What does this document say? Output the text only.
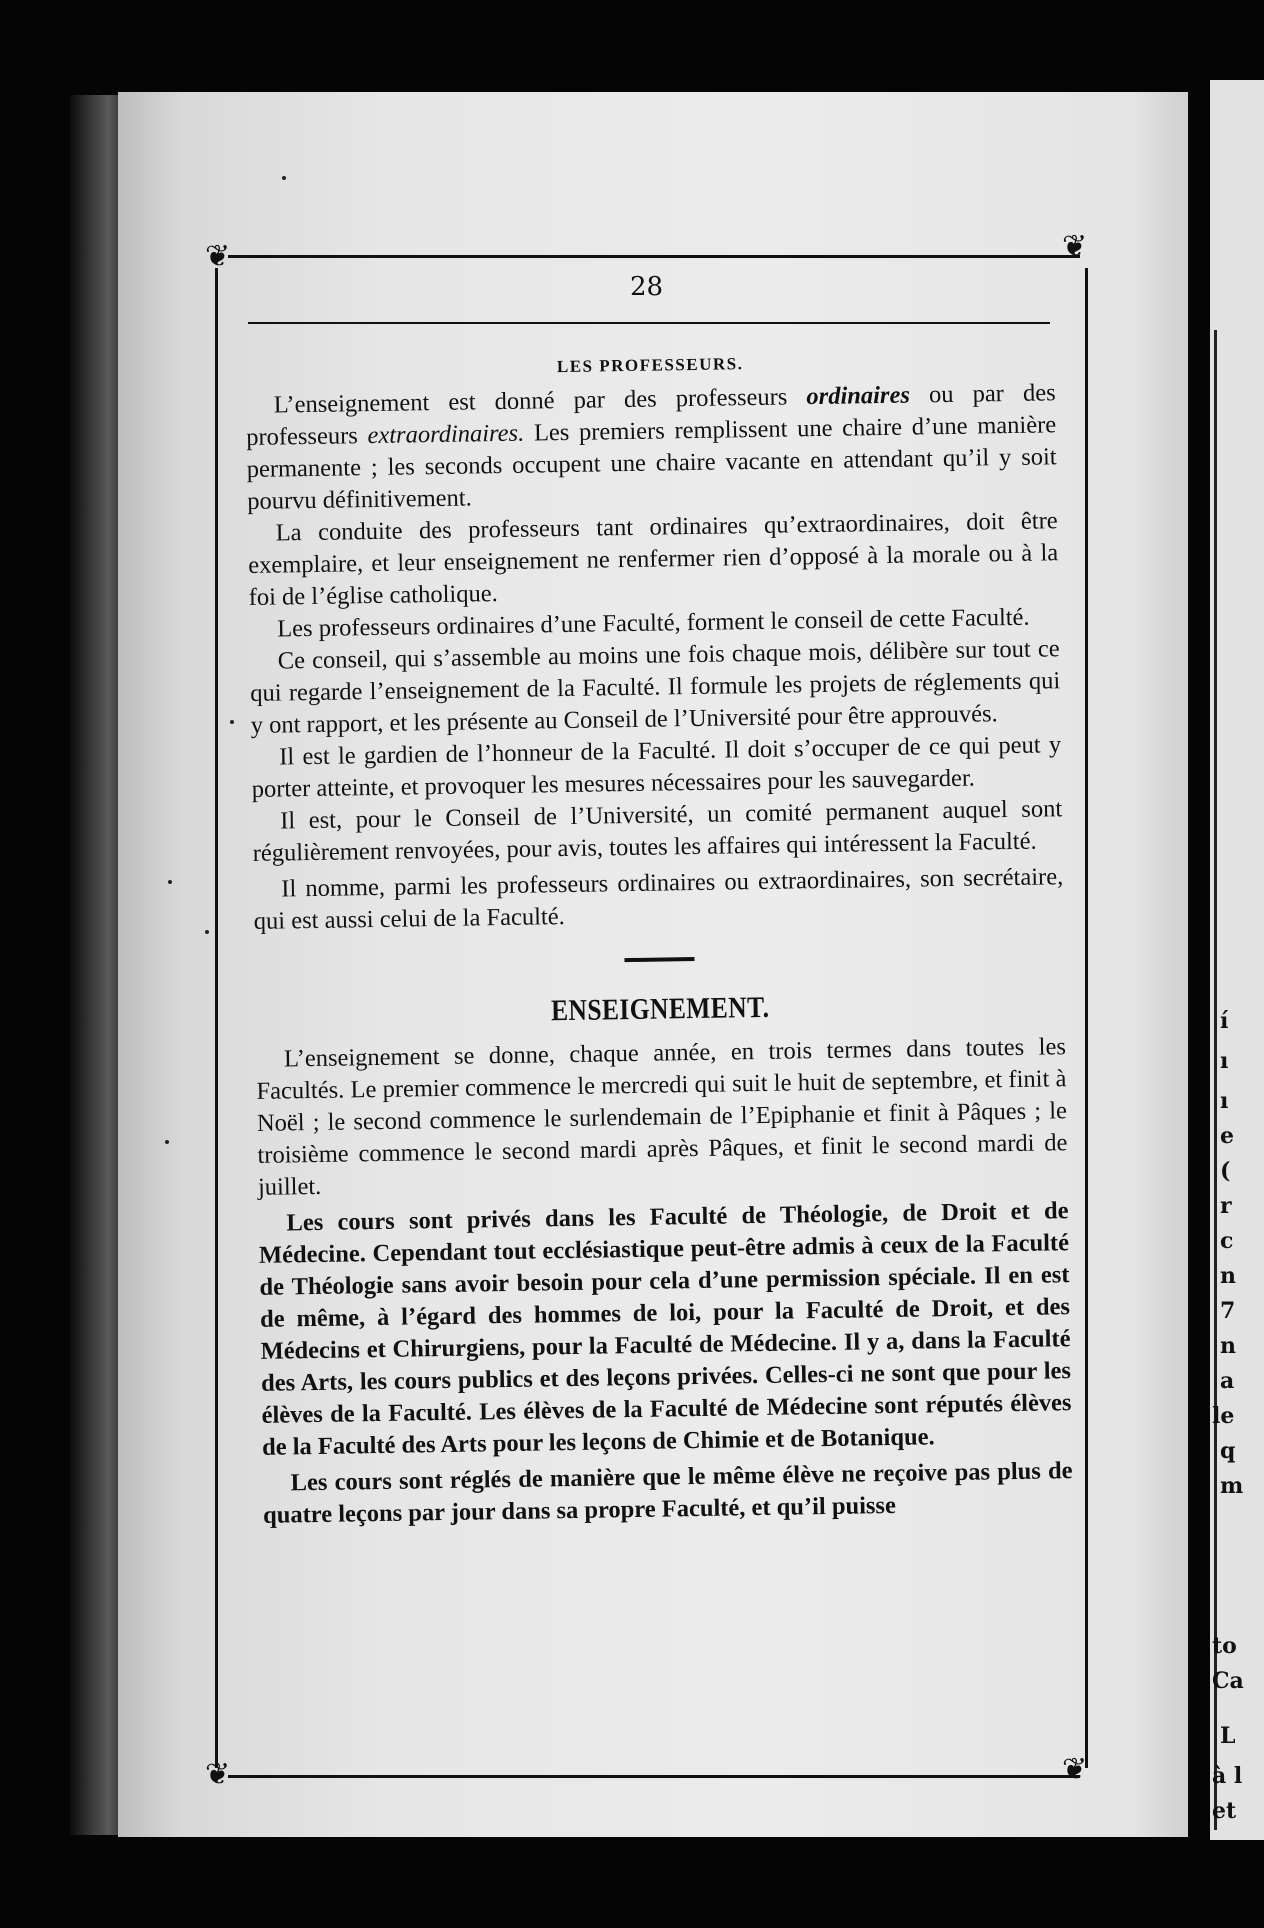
í
ı
ı
e
(
r
c
n
7
n
a
le
q
m
to
Ca
L
à l
et
❦	❦
❦	❦
28

LES PROFESSEURS.

L’enseignement est donné par des professeurs ordinaires ou par des professeurs extraordinaires. Les premiers remplissent une chaire d’une manière permanente ; les seconds occupent une chaire vacante en attendant qu’il y soit pourvu définitivement.

La conduite des professeurs tant ordinaires qu’extraordinaires, doit être exemplaire, et leur enseignement ne renfermer rien d’opposé à la morale ou à la foi de l’église catholique.

Les professeurs ordinaires d’une Faculté, forment le conseil de cette Faculté.

Ce conseil, qui s’assemble au moins une fois chaque mois, délibère sur tout ce qui regarde l’enseignement de la Faculté. Il formule les projets de réglements qui y ont rapport, et les présente au Conseil de l’Université pour être approuvés.

Il est le gardien de l’honneur de la Faculté. Il doit s’occuper de ce qui peut y porter atteinte, et provoquer les mesures nécessaires pour les sauvegarder.

Il est, pour le Conseil de l’Université, un comité permanent auquel sont régulièrement renvoyées, pour avis, toutes les affaires qui intéressent la Faculté.

Il nomme, parmi les professeurs ordinaires ou extraordinaires, son secrétaire, qui est aussi celui de la Faculté.

ENSEIGNEMENT.

L’enseignement se donne, chaque année, en trois termes dans toutes les Facultés. Le premier commence le mercredi qui suit le huit de septembre, et finit à Noël ; le second commence le surlendemain de l’Epiphanie et finit à Pâques ; le troisième commence le second mardi après Pâques, et finit le second mardi de juillet.

Les cours sont privés dans les Faculté de Théologie, de Droit et de Médecine. Cependant tout ecclésiastique peut-être admis à ceux de la Faculté de Théologie sans avoir besoin pour cela d’une permission spéciale. Il en est de même, à l’égard des hommes de loi, pour la Faculté de Droit, et des Médecins et Chirurgiens, pour la Faculté de Médecine. Il y a, dans la Faculté des Arts, les cours publics et des leçons privées. Celles-ci ne sont que pour les élèves de la Faculté. Les élèves de la Faculté de Médecine sont réputés élèves de la Faculté des Arts pour les leçons de Chimie et de Botanique.

Les cours sont réglés de manière que le même élève ne reçoive pas plus de quatre leçons par jour dans sa propre Faculté, et qu’il puisse
